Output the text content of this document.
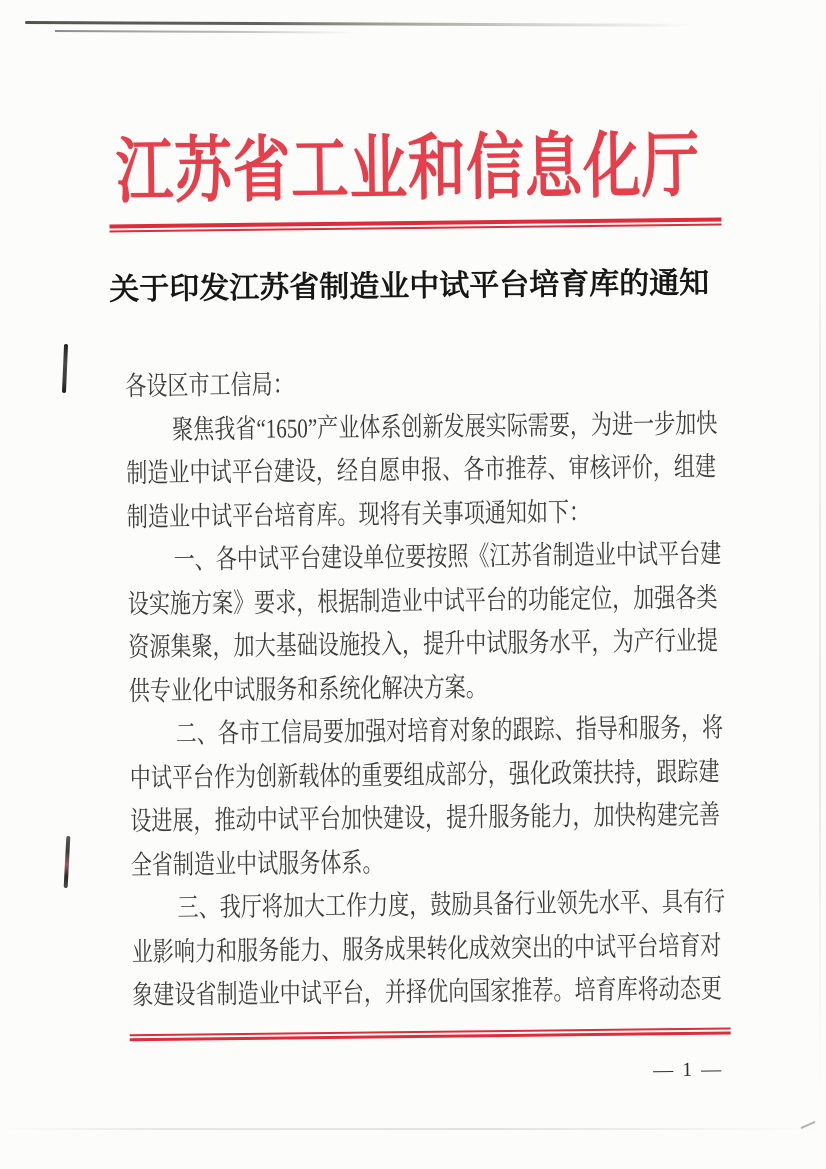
江苏省工业和信息化厅
关于印发江苏省制造业中试平台培育库的通知
各设区市工信局：
聚焦我省“1650”产业体系创新发展实际需要，为进一步加快
制造业中试平台建设，经自愿申报、各市推荐、审核评价，组建
制造业中试平台培育库。现将有关事项通知如下：
一、各中试平台建设单位要按照《江苏省制造业中试平台建
设实施方案》要求，根据制造业中试平台的功能定位，加强各类
资源集聚，加大基础设施投入，提升中试服务水平，为产行业提
供专业化中试服务和系统化解决方案。
二、各市工信局要加强对培育对象的跟踪、指导和服务，将
中试平台作为创新载体的重要组成部分，强化政策扶持，跟踪建
设进展，推动中试平台加快建设，提升服务能力，加快构建完善
全省制造业中试服务体系。
三、我厅将加大工作力度，鼓励具备行业领先水平、具有行
业影响力和服务能力、服务成果转化成效突出的中试平台培育对
象建设省制造业中试平台，并择优向国家推荐。培育库将动态更
— 1 —
